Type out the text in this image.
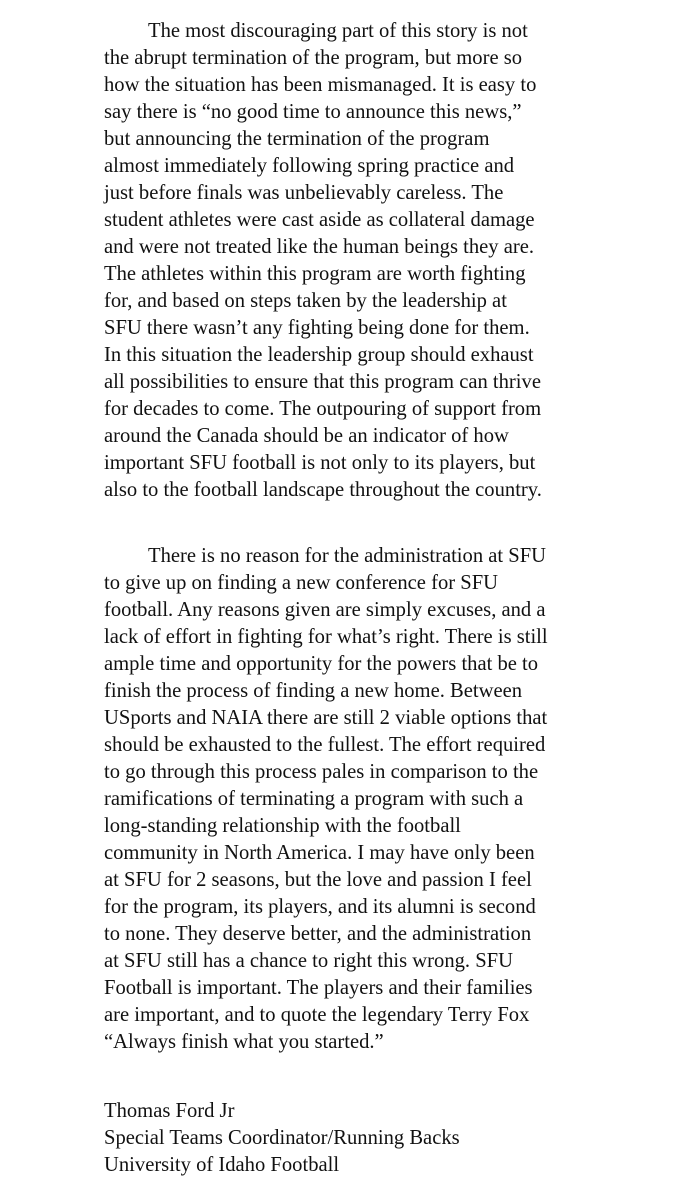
The most discouraging part of this story is not
the abrupt termination of the program, but more so
how the situation has been mismanaged. It is easy to
say there is “no good time to announce this news,”
but announcing the termination of the program
almost immediately following spring practice and
just before finals was unbelievably careless. The
student athletes were cast aside as collateral damage
and were not treated like the human beings they are.
The athletes within this program are worth fighting
for, and based on steps taken by the leadership at
SFU there wasn’t any fighting being done for them.
In this situation the leadership group should exhaust
all possibilities to ensure that this program can thrive
for decades to come. The outpouring of support from
around the Canada should be an indicator of how
important SFU football is not only to its players, but
also to the football landscape throughout the country.
There is no reason for the administration at SFU
to give up on finding a new conference for SFU
football. Any reasons given are simply excuses, and a
lack of effort in fighting for what’s right. There is still
ample time and opportunity for the powers that be to
finish the process of finding a new home. Between
USports and NAIA there are still 2 viable options that
should be exhausted to the fullest. The effort required
to go through this process pales in comparison to the
ramifications of terminating a program with such a
long-standing relationship with the football
community in North America. I may have only been
at SFU for 2 seasons, but the love and passion I feel
for the program, its players, and its alumni is second
to none. They deserve better, and the administration
at SFU still has a chance to right this wrong. SFU
Football is important. The players and their families
are important, and to quote the legendary Terry Fox
“Always finish what you started.”
Thomas Ford Jr
Special Teams Coordinator/Running Backs
University of Idaho Football
